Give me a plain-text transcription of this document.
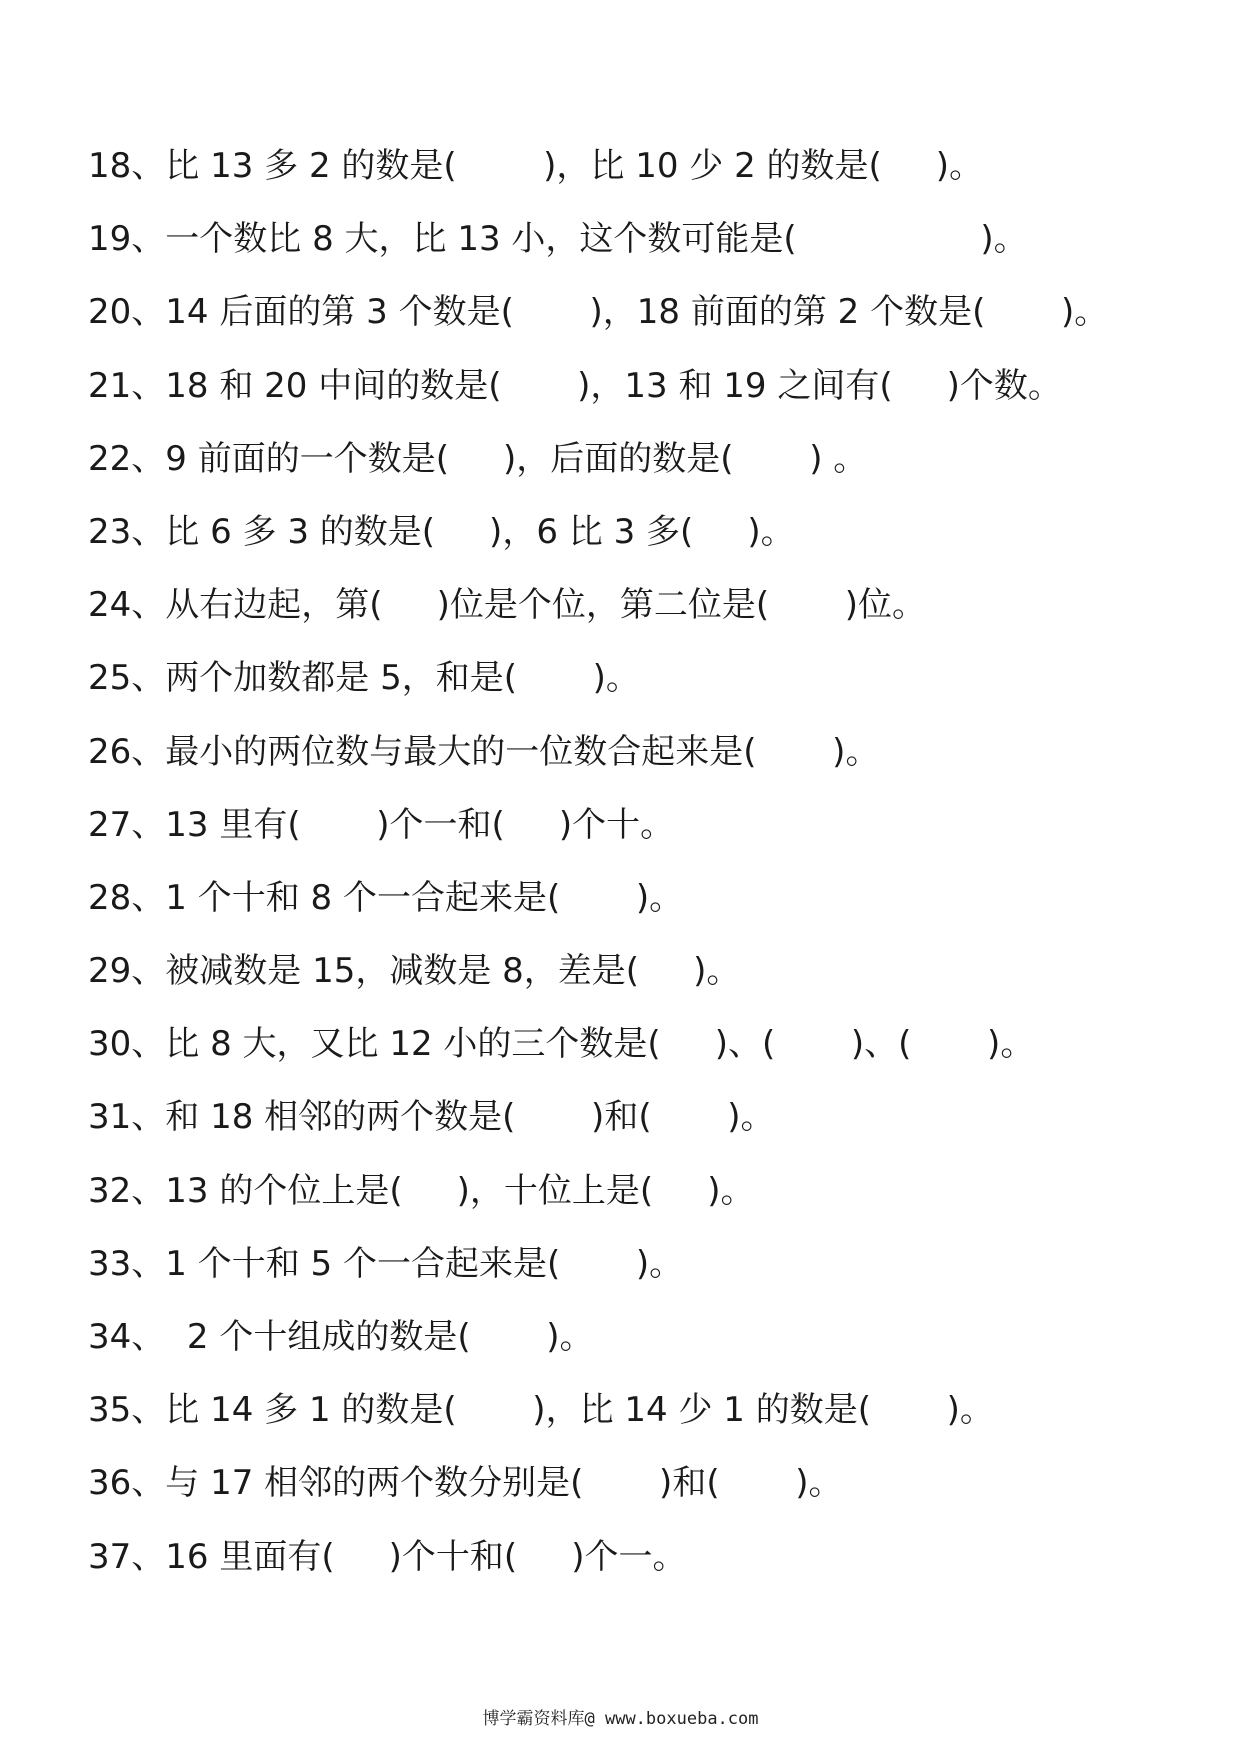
18、比 13 多 2 的数是(        )，比 10 少 2 的数是(     )。
19、一个数比 8 大，比 13 小，这个数可能是(                 )。
20、14 后面的第 3 个数是(       )，18 前面的第 2 个数是(       )。
21、18 和 20 中间的数是(       )，13 和 19 之间有(     )个数。
22、9 前面的一个数是(     )，后面的数是(       ) 。
23、比 6 多 3 的数是(     )，6 比 3 多(     )。
24、从右边起，第(     )位是个位，第二位是(       )位。
25、两个加数都是 5，和是(       )。
26、最小的两位数与最大的一位数合起来是(       )。
27、13 里有(       )个一和(     )个十。
28、1 个十和 8 个一合起来是(       )。
29、被减数是 15，减数是 8，差是(     )。
30、比 8 大，又比 12 小的三个数是(     )、(       )、(       )。
31、和 18 相邻的两个数是(       )和(       )。
32、13 的个位上是(     )，十位上是(     )。
33、1 个十和 5 个一合起来是(       )。
34、  2 个十组成的数是(       )。
35、比 14 多 1 的数是(       )，比 14 少 1 的数是(       )。
36、与 17 相邻的两个数分别是(       )和(       )。
37、16 里面有(     )个十和(     )个一。
博学霸资料库@ www.boxueba.com
